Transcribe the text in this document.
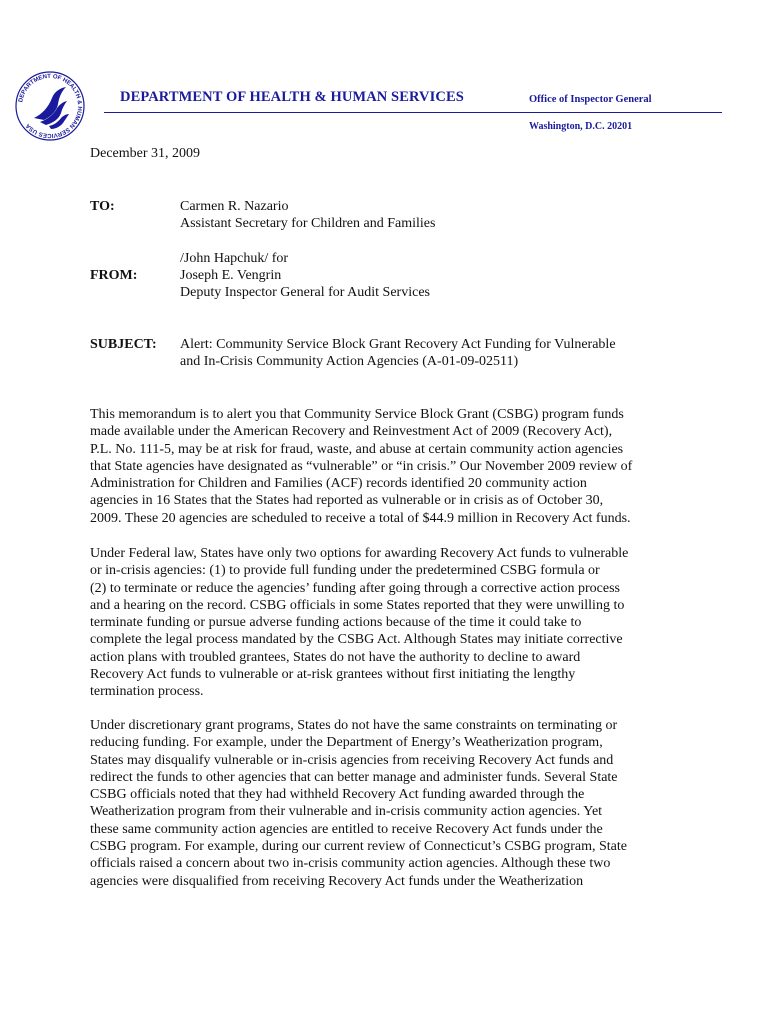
DEPARTMENT OF HEALTH & HUMAN SERVICES USA
DEPARTMENT OF HEALTH & HUMAN SERVICES	Office of Inspector General
Washington, D.C. 20201
December 31, 2009
TO:	Carmen R. Nazario
Assistant Secretary for Children and Families
/John Hapchuk/ for
FROM:	Joseph E. Vengrin
Deputy Inspector General for Audit Services
SUBJECT: Alert: Community Service Block Grant Recovery Act Funding for Vulnerable
and In-Crisis Community Action Agencies (A-01-09-02511)
This memorandum is to alert you that Community Service Block Grant (CSBG) program funds
made available under the American Recovery and Reinvestment Act of 2009 (Recovery Act),
P.L. No. 111-5, may be at risk for fraud, waste, and abuse at certain community action agencies
that State agencies have designated as “vulnerable” or “in crisis.” Our November 2009 review of
Administration for Children and Families (ACF) records identified 20 community action
agencies in 16 States that the States had reported as vulnerable or in crisis as of October 30,
2009. These 20 agencies are scheduled to receive a total of $44.9 million in Recovery Act funds.
Under Federal law, States have only two options for awarding Recovery Act funds to vulnerable
or in-crisis agencies: (1) to provide full funding under the predetermined CSBG formula or
(2) to terminate or reduce the agencies’ funding after going through a corrective action process
and a hearing on the record. CSBG officials in some States reported that they were unwilling to
terminate funding or pursue adverse funding actions because of the time it could take to
complete the legal process mandated by the CSBG Act. Although States may initiate corrective
action plans with troubled grantees, States do not have the authority to decline to award
Recovery Act funds to vulnerable or at-risk grantees without first initiating the lengthy
termination process.
Under discretionary grant programs, States do not have the same constraints on terminating or
reducing funding. For example, under the Department of Energy’s Weatherization program,
States may disqualify vulnerable or in-crisis agencies from receiving Recovery Act funds and
redirect the funds to other agencies that can better manage and administer funds. Several State
CSBG officials noted that they had withheld Recovery Act funding awarded through the
Weatherization program from their vulnerable and in-crisis community action agencies. Yet
these same community action agencies are entitled to receive Recovery Act funds under the
CSBG program. For example, during our current review of Connecticut’s CSBG program, State
officials raised a concern about two in-crisis community action agencies. Although these two
agencies were disqualified from receiving Recovery Act funds under the Weatherization
